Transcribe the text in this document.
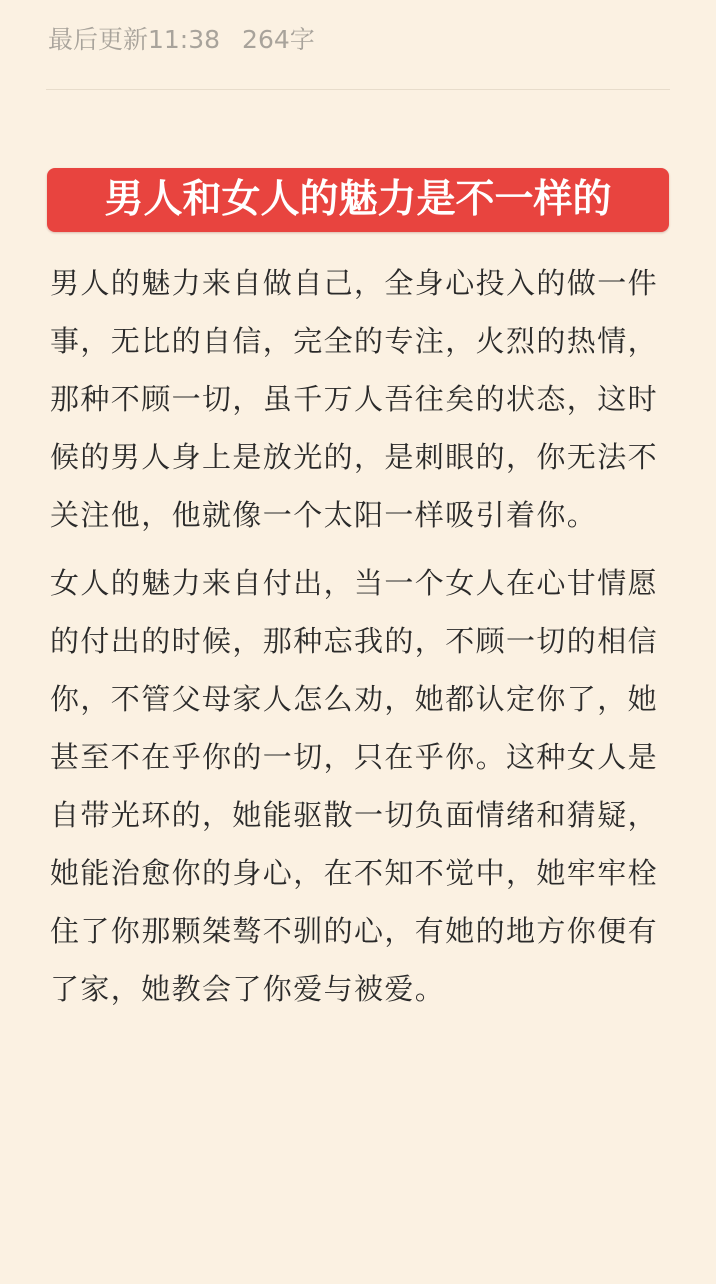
最后更新11:38 264字
男人和女人的魅力是不一样的

男人的魅力来自做自己，全身心投入的做一件事，无比的自信，完全的专注，火烈的热情，那种不顾一切，虽千万人吾往矣的状态，这时候的男人身上是放光的，是刺眼的，你无法不关注他，他就像一个太阳一样吸引着你。

女人的魅力来自付出，当一个女人在心甘情愿的付出的时候，那种忘我的，不顾一切的相信你，不管父母家人怎么劝，她都认定你了，她甚至不在乎你的一切，只在乎你。这种女人是自带光环的，她能驱散一切负面情绪和猜疑，她能治愈你的身心，在不知不觉中，她牢牢栓住了你那颗桀骜不驯的心，有她的地方你便有了家，她教会了你爱与被爱。
